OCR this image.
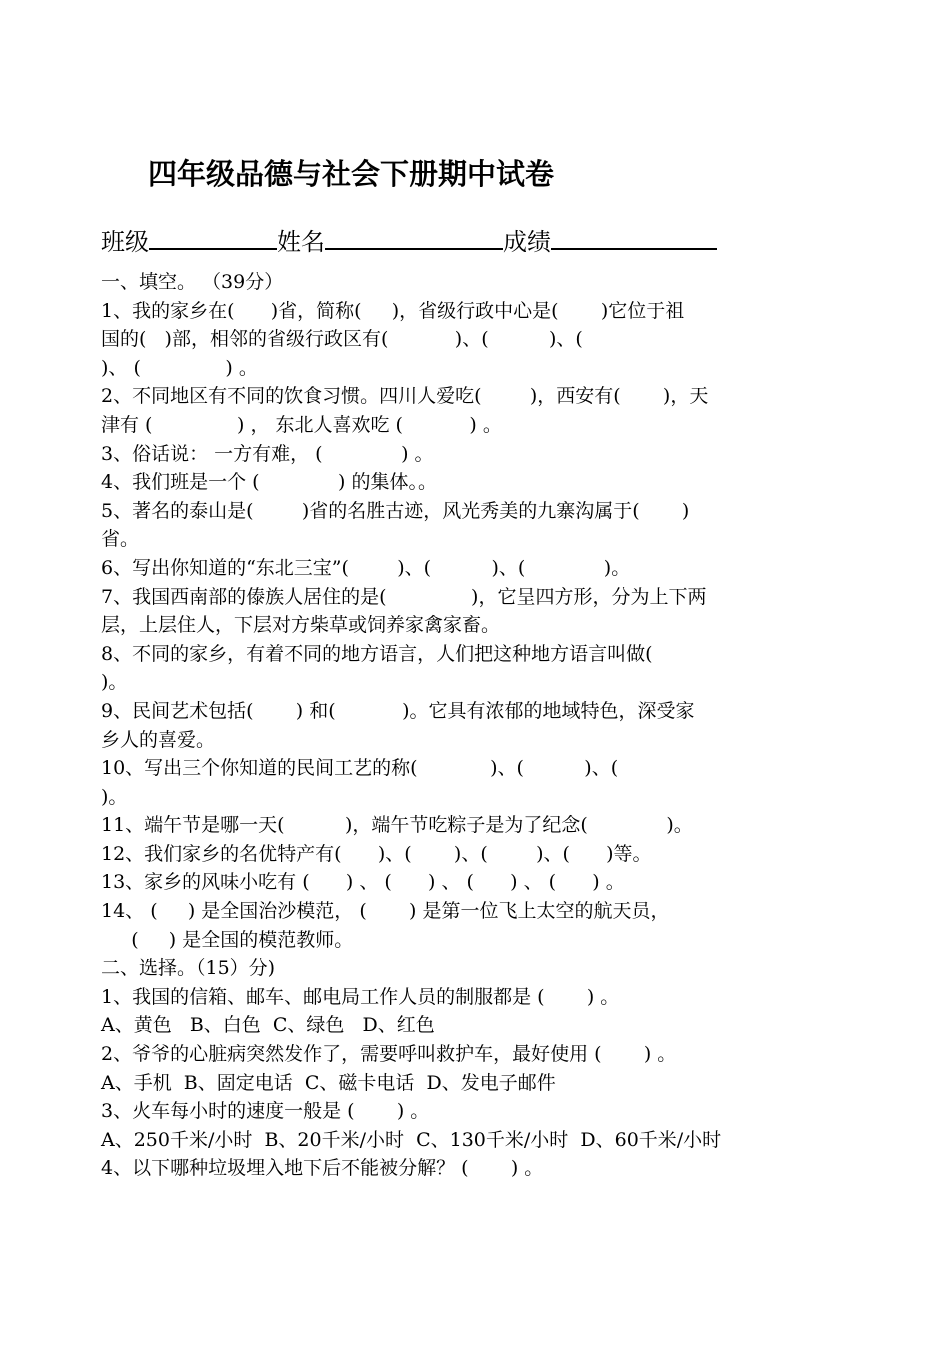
四年级品德与社会下册期中试卷
班级	姓名	成绩
一、填空。 （39分）
1、我的家乡在(      )省，简称(     )，省级行政中心是(       )它位于祖
国的(   )部，相邻的省级行政区有(           )、(          )、(
)、 (              ) 。
2、不同地区有不同的饮食习惯。四川人爱吃(        )，西安有(       )，天
津有 (              ) ， 东北人喜欢吃 (           ) 。
3、俗话说： 一方有难， (             ) 。
4、我们班是一个 (             ) 的集体。。
5、著名的泰山是(        )省的名胜古迹，风光秀美的九寨沟属于(       )
省。
6、写出你知道的“东北三宝”(        )、(          )、(             )。
7、我国西南部的傣族人居住的是(              )，它呈四方形，分为上下两
层，上层住人，下层对方柴草或饲养家禽家畜。
8、不同的家乡，有着不同的地方语言，人们把这种地方语言叫做(
)。
9、民间艺术包括(       ) 和(           )。它具有浓郁的地域特色，深受家
乡人的喜爱。
10、写出三个你知道的民间工艺的称(            )、(          )、(
)。
11、端午节是哪一天(          )，端午节吃粽子是为了纪念(             )。
12、我们家乡的名优特产有(      )、(       )、(        )、(      )等。
13、家乡的风味小吃有 (      ) 、 (      ) 、 (      ) 、 (      ) 。
14、 (     ) 是全国治沙模范， (       ) 是第一位飞上太空的航天员，
(     ) 是全国的模范教师。
二、选择。（15）分)
1、我国的信箱、邮车、邮电局工作人员的制服都是 (       ) 。
A、黄色   B、白色  C、绿色   D、红色
2、爷爷的心脏病突然发作了，需要呼叫救护车，最好使用 (       ) 。
A、手机  B、固定电话  C、磁卡电话  D、发电子邮件
3、火车每小时的速度一般是 (       ) 。
A、250千米/小时  B、20千米/小时  C、130千米/小时  D、60千米/小时
4、以下哪种垃圾埋入地下后不能被分解？ (       ) 。
